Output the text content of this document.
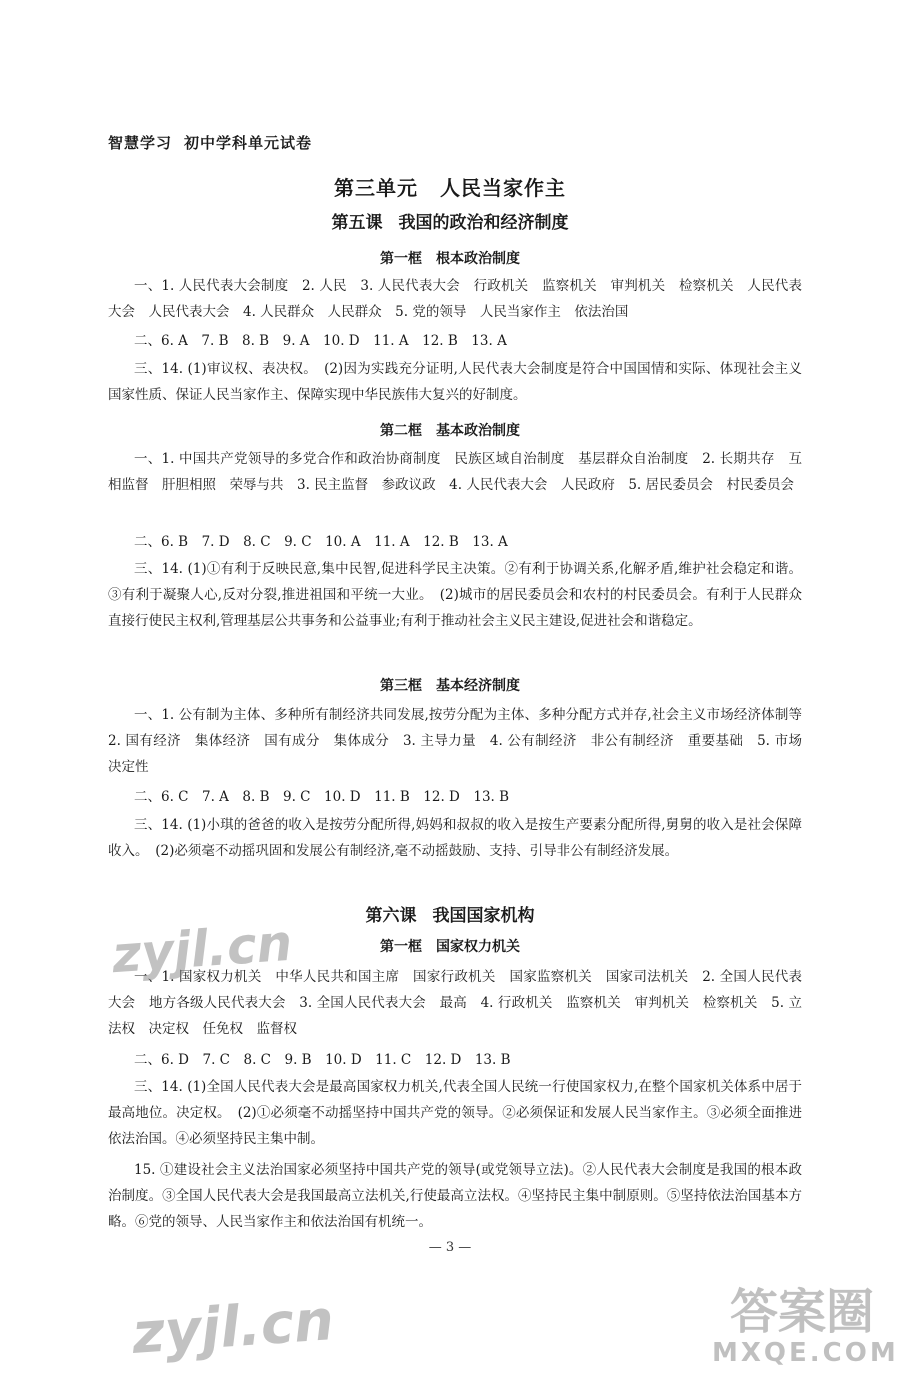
智慧学习 初中学科单元试卷
第三单元 人民当家作主
第五课 我国的政治和经济制度
第一框 根本政治制度

一、1. 人民代表大会制度　2. 人民　3. 人民代表大会　行政机关　监察机关　审判机关　检察机关　人民代表大会　人民代表大会　4. 人民群众　人民群众　5. 党的领导　人民当家作主　依法治国

二、6. A　7. B　8. B　9. A　10. D　11. A　12. B　13. A

三、14. (1)审议权、表决权。　(2)因为实践充分证明,人民代表大会制度是符合中国国情和实际、体现社会主义国家性质、保证人民当家作主、保障实现中华民族伟大复兴的好制度。

第二框 基本政治制度

一、1. 中国共产党领导的多党合作和政治协商制度　民族区域自治制度　基层群众自治制度　2. 长期共存　互相监督　肝胆相照　荣辱与共　3. 民主监督　参政议政　4. 人民代表大会　人民政府　5. 居民委员会　村民委员会

二、6. B　7. D　8. C　9. C　10. A　11. A　12. B　13. A

三、14. (1)①有利于反映民意,集中民智,促进科学民主决策。②有利于协调关系,化解矛盾,维护社会稳定和谐。③有利于凝聚人心,反对分裂,推进祖国和平统一大业。　(2)城市的居民委员会和农村的村民委员会。有利于人民群众直接行使民主权利,管理基层公共事务和公益事业;有利于推动社会主义民主建设,促进社会和谐稳定。

第三框 基本经济制度

一、1. 公有制为主体、多种所有制经济共同发展,按劳分配为主体、多种分配方式并存,社会主义市场经济体制等　2. 国有经济　集体经济　国有成分　集体成分　3. 主导力量　4. 公有制经济　非公有制经济　重要基础　5. 市场　决定性

二、6. C　7. A　8. B　9. C　10. D　11. B　12. D　13. B

三、14. (1)小琪的爸爸的收入是按劳分配所得,妈妈和叔叔的收入是按生产要素分配所得,舅舅的收入是社会保障收入。　(2)必须毫不动摇巩固和发展公有制经济,毫不动摇鼓励、支持、引导非公有制经济发展。

第六课 我国国家机构
第一框 国家权力机关

一、1. 国家权力机关　中华人民共和国主席　国家行政机关　国家监察机关　国家司法机关　2. 全国人民代表大会　地方各级人民代表大会　3. 全国人民代表大会　最高　4. 行政机关　监察机关　审判机关　检察机关　5. 立法权　决定权　任免权　监督权

二、6. D　7. C　8. C　9. B　10. D　11. C　12. D　13. B

三、14. (1)全国人民代表大会是最高国家权力机关,代表全国人民统一行使国家权力,在整个国家机关体系中居于最高地位。决定权。　(2)①必须毫不动摇坚持中国共产党的领导。②必须保证和发展人民当家作主。③必须全面推进依法治国。④必须坚持民主集中制。

15. ①建设社会主义法治国家必须坚持中国共产党的领导(或党领导立法)。②人民代表大会制度是我国的根本政治制度。③全国人民代表大会是我国最高立法机关,行使最高立法权。④坚持民主集中制原则。⑤坚持依法治国基本方略。⑥党的领导、人民当家作主和依法治国有机统一。

— 3 —
zyjl.cn
zyjl.cn	答案圈
MXQE.COM
